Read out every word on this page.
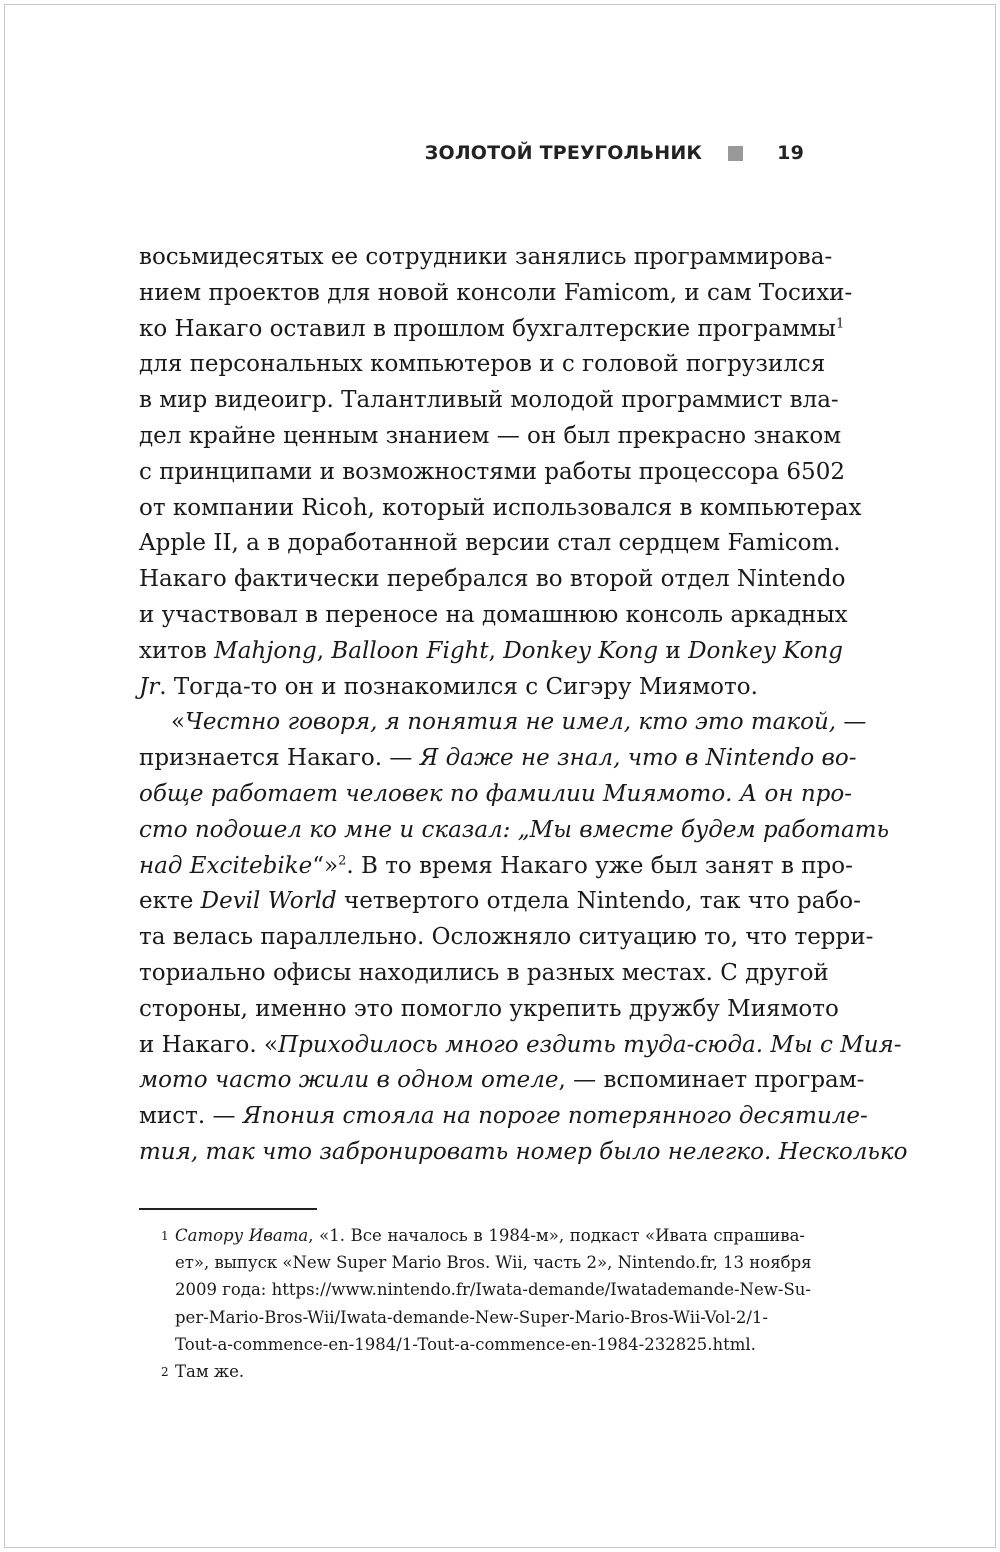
ЗОЛОТОЙ ТРЕУГОЛЬНИК	19
восьмидесятых ее сотрудники занялись программирова-
нием проектов для новой консоли Famicom, и сам Тосихи-
ко Накаго оставил в прошлом бухгалтерские программы$^1$
для персональных компьютеров и с головой погрузился
в мир видеоигр. Талантливый молодой программист вла-
дел крайне ценным знанием — он был прекрасно знаком
с принципами и возможностями работы процессора 6502
от компании Ricoh, который использовался в компьютерах
Apple II, а в доработанной версии стал сердцем Famicom.
Накаго фактически перебрался во второй отдел Nintendo
и участвовал в переносе на домашнюю консоль аркадных
хитов Mahjong, Balloon Fight, Donkey Kong и Donkey Kong
Jr. Тогда-то он и познакомился с Сигэру Миямото.
«Честно говоря, я понятия не имел, кто это такой, —
признается Накаго. — Я даже не знал, что в Nintendo во-
обще работает человек по фамилии Миямото. А он про-
сто подошел ко мне и сказал: „Мы вместе будем работать
над Excitebike“»$^2$. В то время Накаго уже был занят в про-
екте Devil World четвертого отдела Nintendo, так что рабо-
та велась параллельно. Осложняло ситуацию то, что терри-
ториально офисы находились в разных местах. С другой
стороны, именно это помогло укрепить дружбу Миямото
и Накаго. «Приходилось много ездить туда-сюда. Мы с Мия-
мото часто жили в одном отеле, — вспоминает програм-
мист. — Япония стояла на пороге потерянного десятиле-
тия, так что забронировать номер было нелегко. Несколько
1 Сатору Ивата, «1. Все началось в 1984-м», подкаст «Ивата спрашива-
ет», выпуск «New Super Mario Bros. Wii, часть 2», Nintendo.fr, 13 ноября
2009 года: https://www.nintendo.fr/Iwata-demande/Iwatademande-New-Su-
per-Mario-Bros-Wii/Iwata-demande-New-Super-Mario-Bros-Wii-Vol-2/1-
Tout-a-commence-en-1984/1-Tout-a-commence-en-1984-232825.html.
2 Там же.
